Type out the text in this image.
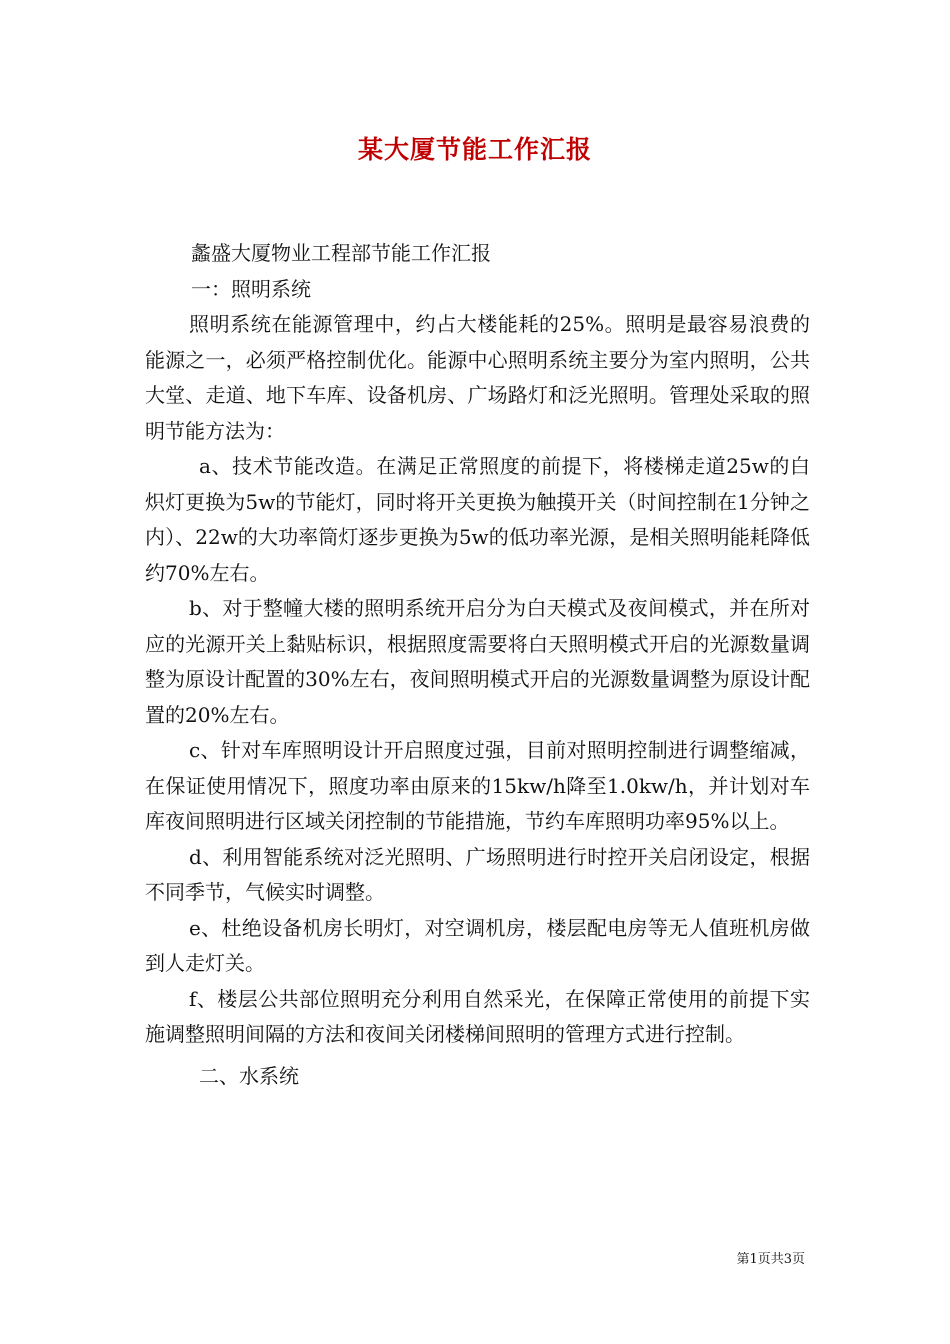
某大厦节能工作汇报

蠡盛大厦物业工程部节能工作汇报

一：照明系统

照明系统在能源管理中，约占大楼能耗的25%。照明是最容易浪费的能源之一，必须严格控制优化。能源中心照明系统主要分为室内照明，公共大堂、走道、地下车库、设备机房、广场路灯和泛光照明。管理处采取的照明节能方法为：

a、技术节能改造。在满足正常照度的前提下，将楼梯走道25w的白炽灯更换为5w的节能灯，同时将开关更换为触摸开关（时间控制在1分钟之内）、22w的大功率筒灯逐步更换为5w的低功率光源，是相关照明能耗降低约70%左右。

b、对于整幢大楼的照明系统开启分为白天模式及夜间模式，并在所对应的光源开关上黏贴标识，根据照度需要将白天照明模式开启的光源数量调整为原设计配置的30%左右，夜间照明模式开启的光源数量调整为原设计配置的20%左右。

c、针对车库照明设计开启照度过强，目前对照明控制进行调整缩减，在保证使用情况下，照度功率由原来的15kw/h降至1.0kw/h，并计划对车库夜间照明进行区域关闭控制的节能措施，节约车库照明功率95%以上。

d、利用智能系统对泛光照明、广场照明进行时控开关启闭设定，根据不同季节，气候实时调整。

e、杜绝设备机房长明灯，对空调机房，楼层配电房等无人值班机房做到人走灯关。

f、楼层公共部位照明充分利用自然采光，在保障正常使用的前提下实施调整照明间隔的方法和夜间关闭楼梯间照明的管理方式进行控制。

二、水系统

第1页共3页
